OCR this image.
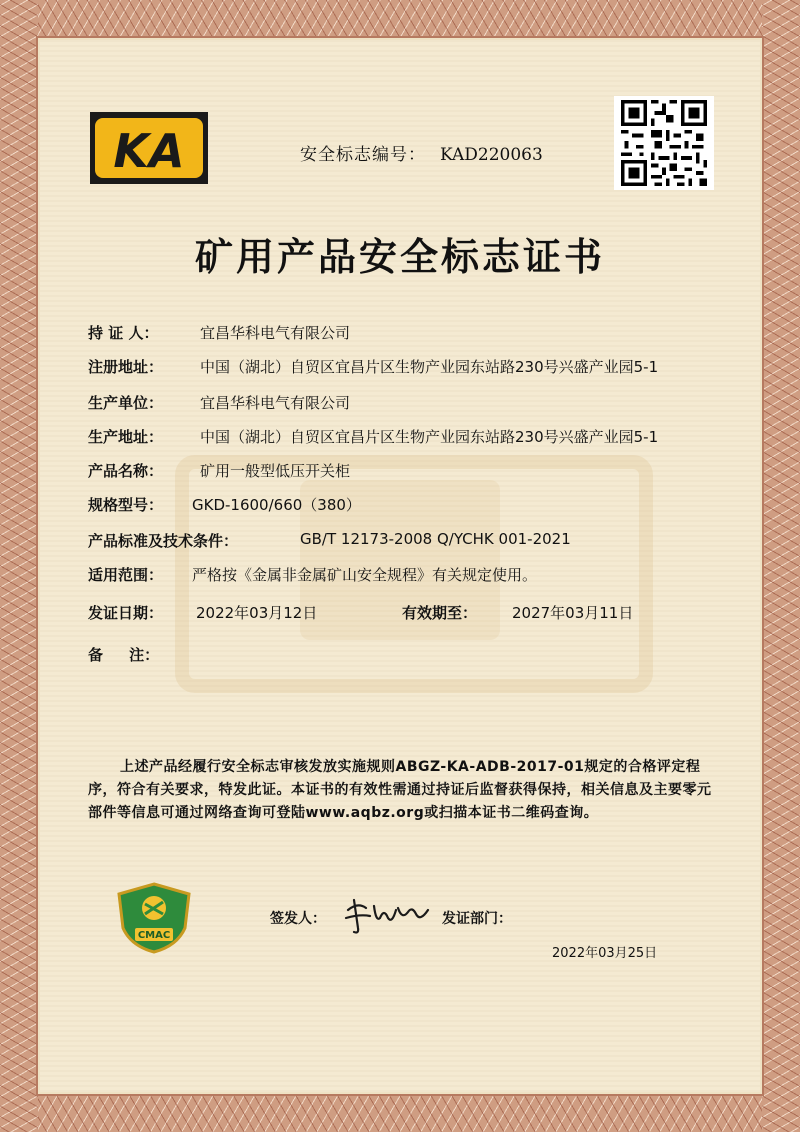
KA	安全标志编号： KAD220063
矿用产品安全标志证书
持 证 人：	宜昌华科电气有限公司
注册地址： 中国（湖北）自贸区宜昌片区生物产业园东站路230号兴盛产业园5-1
生产单位： 宜昌华科电气有限公司
生产地址： 中国（湖北）自贸区宜昌片区生物产业园东站路230号兴盛产业园5-1
产品名称： 矿用一般型低压开关柜
规格型号： GKD-1600/660（380）
产品标准及技术条件：	GB/T 12173-2008 Q/YCHK 001-2021
适用范围： 严格按《金属非金属矿山安全规程》有关规定使用。
发证日期： 2022年03月12日	有效期至： 2027年03月11日
备     注：
上述产品经履行安全标志审核发放实施规则ABGZ-KA-ADB-2017-01规定的合格评定程序，符合有关要求，特发此证。本证书的有效性需通过持证后监督获得保持，相关信息及主要零元部件等信息可通过网络查询可登陆www.aqbz.org或扫描本证书二维码查询。
CMAC
签发人：	发证部门：
2022年03月25日
